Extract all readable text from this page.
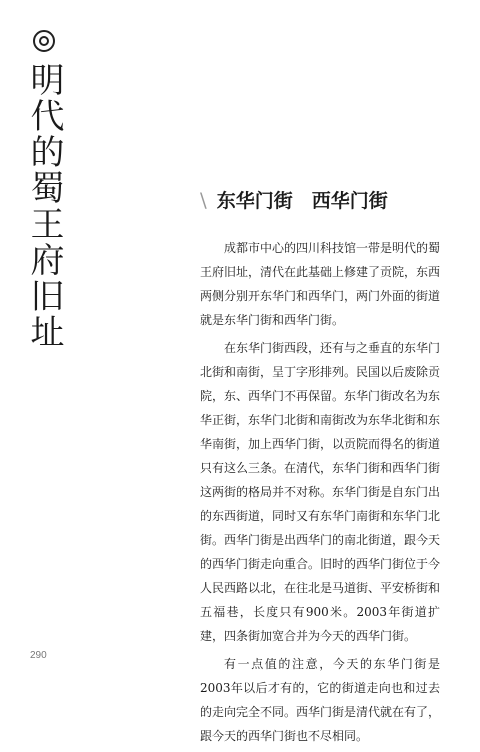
明代的蜀王府旧址	\ 东华门街　西华门街

成都市中心的四川科技馆一带是明代的蜀王府旧址，清代在此基础上修建了贡院，东西两侧分别开东华门和西华门，两门外面的街道就是东华门街和西华门街。

在东华门街西段，还有与之垂直的东华门北街和南街，呈丁字形排列。民国以后废除贡院，东、西华门不再保留。东华门街改名为东华正街，东华门北街和南街改为东华北街和东华南街，加上西华门街，以贡院而得名的街道只有这么三条。在清代，东华门街和西华门街这两街的格局并不对称。东华门街是自东门出的东西街道，同时又有东华门南街和东华门北街。西华门街是出西华门的南北街道，跟今天的西华门街走向重合。旧时的西华门街位于今人民西路以北，在往北是马道街、平安桥街和五福巷，长度只有900米。2003年街道扩建，四条街加宽合并为今天的西华门街。

有一点值的注意，今天的东华门街是2003年以后才有的，它的街道走向也和过去的走向完全不同。西华门街是清代就在有了，跟今天的西华门街也不尽相同。

290
